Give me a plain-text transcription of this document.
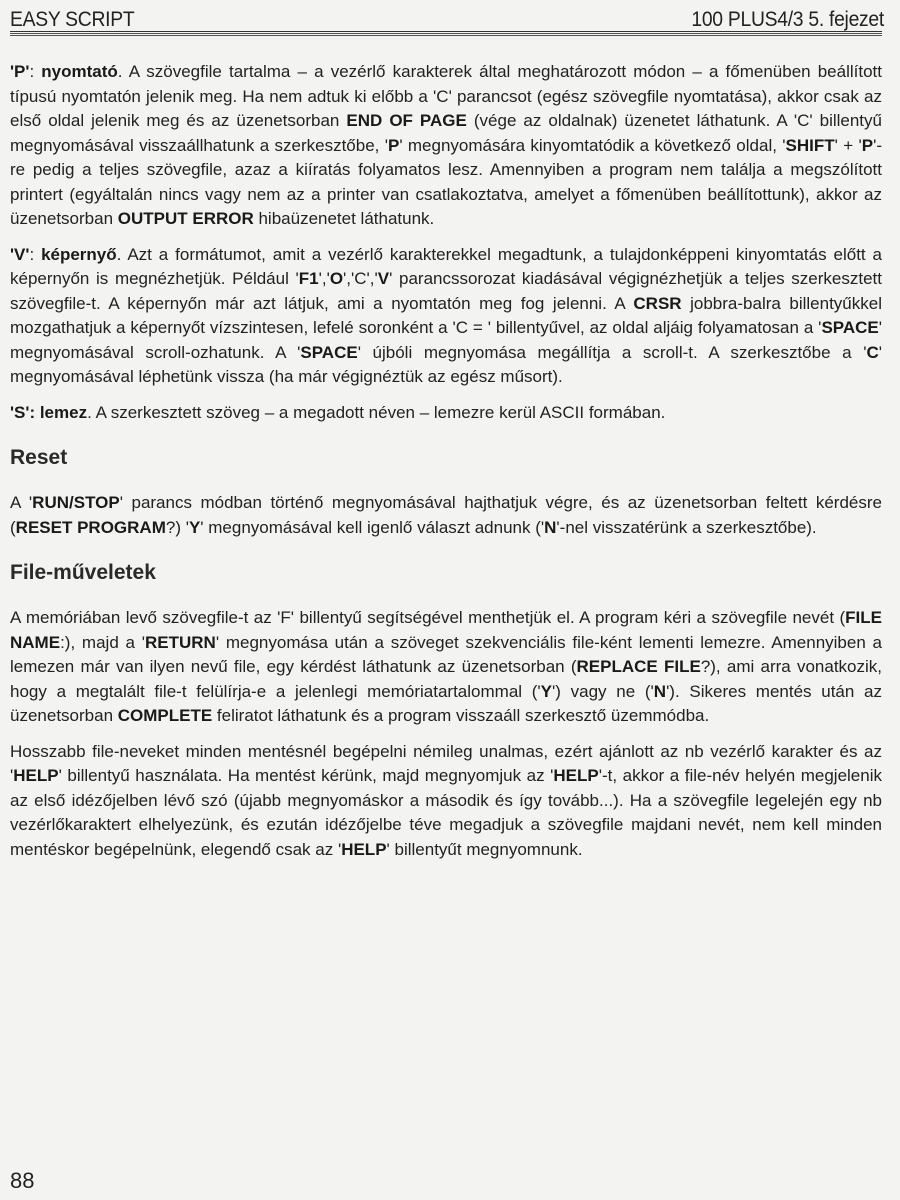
EASY SCRIPT	100 PLUS4/3 5. fejezet

'P': nyomtató. A szövegfile tartalma – a vezérlő karakterek által meghatározott módon – a főmenüben beállított típusú nyomtatón jelenik meg. Ha nem adtuk ki előbb a 'C' parancsot (egész szövegfile nyomtatása), akkor csak az első oldal jelenik meg és az üzenetsorban END OF PAGE (vége az oldalnak) üzenetet láthatunk. A 'C' billentyű megnyomásával visszaállhatunk a szerkesztőbe, 'P' megnyomására kinyomtatódik a következő oldal, 'SHIFT' + 'P'-re pedig a teljes szövegfile, azaz a kiíratás folyamatos lesz. Amennyiben a program nem találja a megszólított printert (egyáltalán nincs vagy nem az a printer van csatlakoztatva, amelyet a főmenüben beállítottunk), akkor az üzenetsorban OUTPUT ERROR hibaüzenetet láthatunk.

'V': képernyő. Azt a formátumot, amit a vezérlő karakterekkel megadtunk, a tulajdonképpeni kinyomtatás előtt a képernyőn is megnézhetjük. Például 'F1','O','C','V' parancssorozat kiadásával végignézhetjük a teljes szerkesztett szövegfile-t. A képernyőn már azt látjuk, ami a nyomtatón meg fog jelenni. A CRSR jobbra-balra billentyűkkel mozgathatjuk a képernyőt vízszintesen, lefelé soronként a 'C = ' billentyűvel, az oldal aljáig folyamatosan a 'SPACE' megnyomásával scroll-ozhatunk. A 'SPACE' újbóli megnyomása megállítja a scroll-t. A szerkesztőbe a 'C' megnyomásával léphetünk vissza (ha már végignéztük az egész műsort).

'S': lemez. A szerkesztett szöveg – a megadott néven – lemezre kerül ASCII formában.

Reset

A 'RUN/STOP' parancs módban történő megnyomásával hajthatjuk végre, és az üzenetsorban feltett kérdésre (RESET PROGRAM?) 'Y' megnyomásával kell igenlő választ adnunk ('N'-nel visszatérünk a szerkesztőbe).

File-műveletek

A memóriában levő szövegfile-t az 'F' billentyű segítségével menthetjük el. A program kéri a szövegfile nevét (FILE NAME:), majd a 'RETURN' megnyomása után a szöveget szekvenciális file-ként lementi lemezre. Amennyiben a lemezen már van ilyen nevű file, egy kérdést láthatunk az üzenetsorban (REPLACE FILE?), ami arra vonatkozik, hogy a megtalált file-t felülírja-e a jelenlegi memóriatartalommal ('Y') vagy ne ('N'). Sikeres mentés után az üzenetsorban COMPLETE feliratot láthatunk és a program visszaáll szerkesztő üzemmódba.

Hosszabb file-neveket minden mentésnél begépelni némileg unalmas, ezért ajánlott az nb vezérlő karakter és az 'HELP' billentyű használata. Ha mentést kérünk, majd megnyomjuk az 'HELP'-t, akkor a file-név helyén megjelenik az első idézőjelben lévő szó (újabb megnyomáskor a második és így tovább...). Ha a szövegfile legelején egy nb vezérlőkaraktert elhelyezünk, és ezután idézőjelbe téve megadjuk a szövegfile majdani nevét, nem kell minden mentéskor begépelnünk, elegendő csak az 'HELP' billentyűt megnyomnunk.

88
